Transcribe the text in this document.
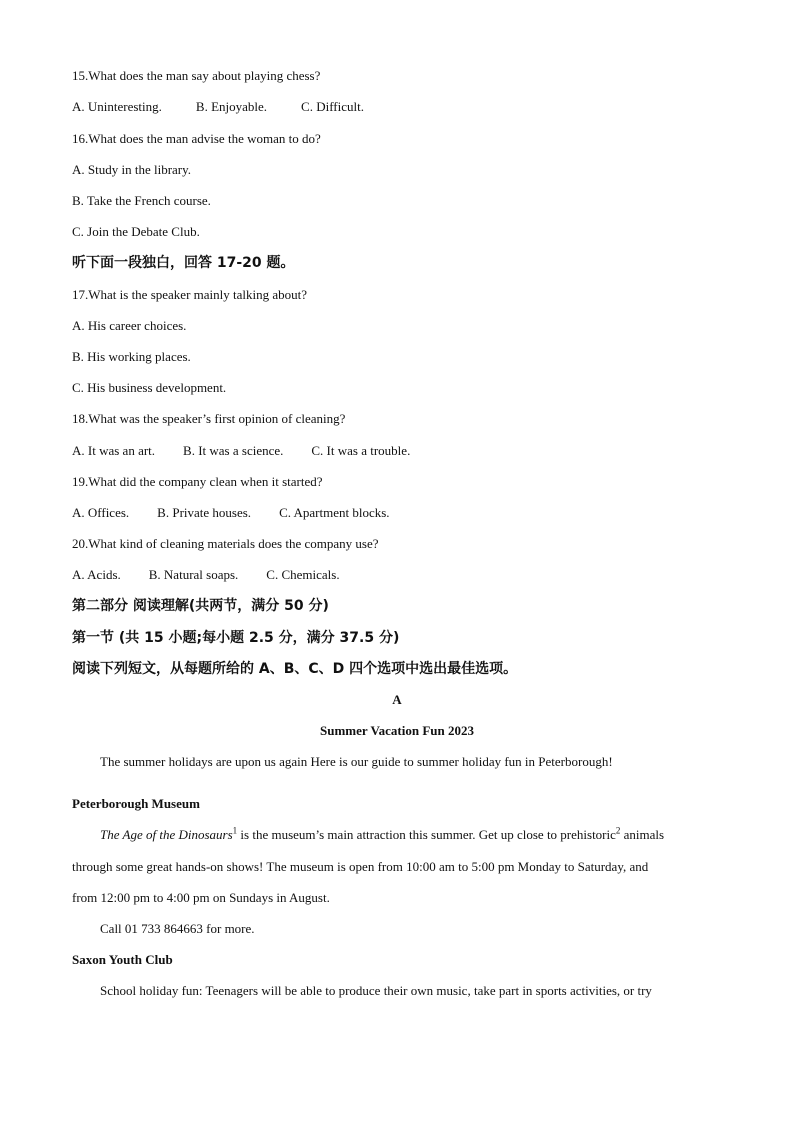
15.What does the man say about playing chess?
A. Uninteresting.	B. Enjoyable.	C. Difficult.
16.What does the man advise the woman to do?
A. Study in the library.
B. Take the French course.
C. Join the Debate Club.
听下面一段独白，回答 17-20 题。
17.What is the speaker mainly talking about?
A. His career choices.
B. His working places.
C. His business development.
18.What was the speaker’s first opinion of cleaning?
A. It was an art. B. It was a science. C. It was a trouble.
19.What did the company clean when it started?
A. Offices. B. Private houses. C. Apartment blocks.
20.What kind of cleaning materials does the company use?
A. Acids. B. Natural soaps. C. Chemicals.
第二部分 阅读理解(共两节，满分 50 分)
第一节 (共 15 小题;每小题 2.5 分，满分 37.5 分)
阅读下列短文，从每题所给的 A、B、C、D 四个选项中选出最佳选项。
A
Summer Vacation Fun 2023
The summer holidays are upon us again Here is our guide to summer holiday fun in Peterborough!
Peterborough Museum
The Age of the Dinosaurs$^1$ is the museum’s main attraction this summer. Get up close to prehistoric$^2$ animals
through some great hands-on shows! The museum is open from 10:00 am to 5:00 pm Monday to Saturday, and
from 12:00 pm to 4:00 pm on Sundays in August.
Call 01 733 864663 for more.
Saxon Youth Club
School holiday fun: Teenagers will be able to produce their own music, take part in sports activities, or try
